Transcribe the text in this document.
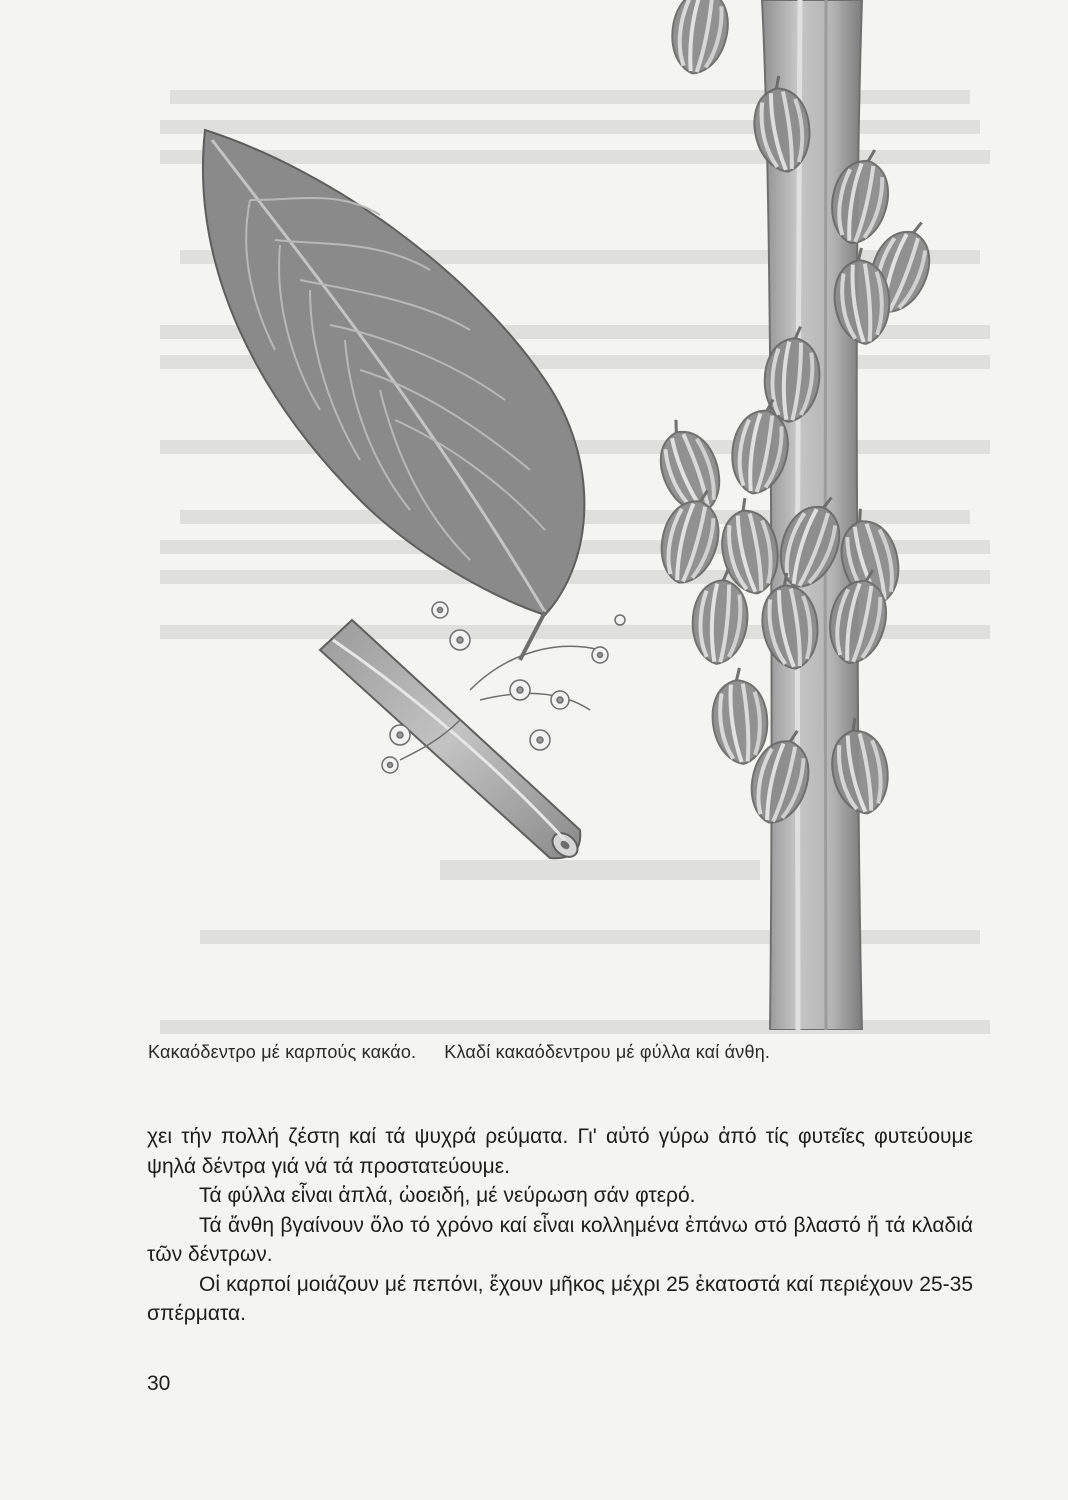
Κακαόδεντρο μέ καρπούς κακάο. Κλαδί κακαόδεντρου μέ φύλλα καί άνθη.

χει τήν πολλή ζέστη καί τά ψυχρά ρεύματα. Γι' αὐτό γύρω ἀπό τίς φυτεῖες φυτεύουμε ψηλά δέντρα γιά νά τά προστατεύουμε.

Τά φύλλα εἶναι ἁπλά, ὠοειδή, μέ νεύρωση σάν φτερό.

Τά ἄνθη βγαίνουν ὅλο τό χρόνο καί εἶναι κολλημένα ἐπάνω στό βλαστό ἤ τά κλαδιά τῶν δέντρων.

Οἱ καρποί μοιάζουν μέ πεπόνι, ἔχουν μῆκος μέχρι 25 ἑκατοστά καί περιέχουν 25-35 σπέρματα.

30
